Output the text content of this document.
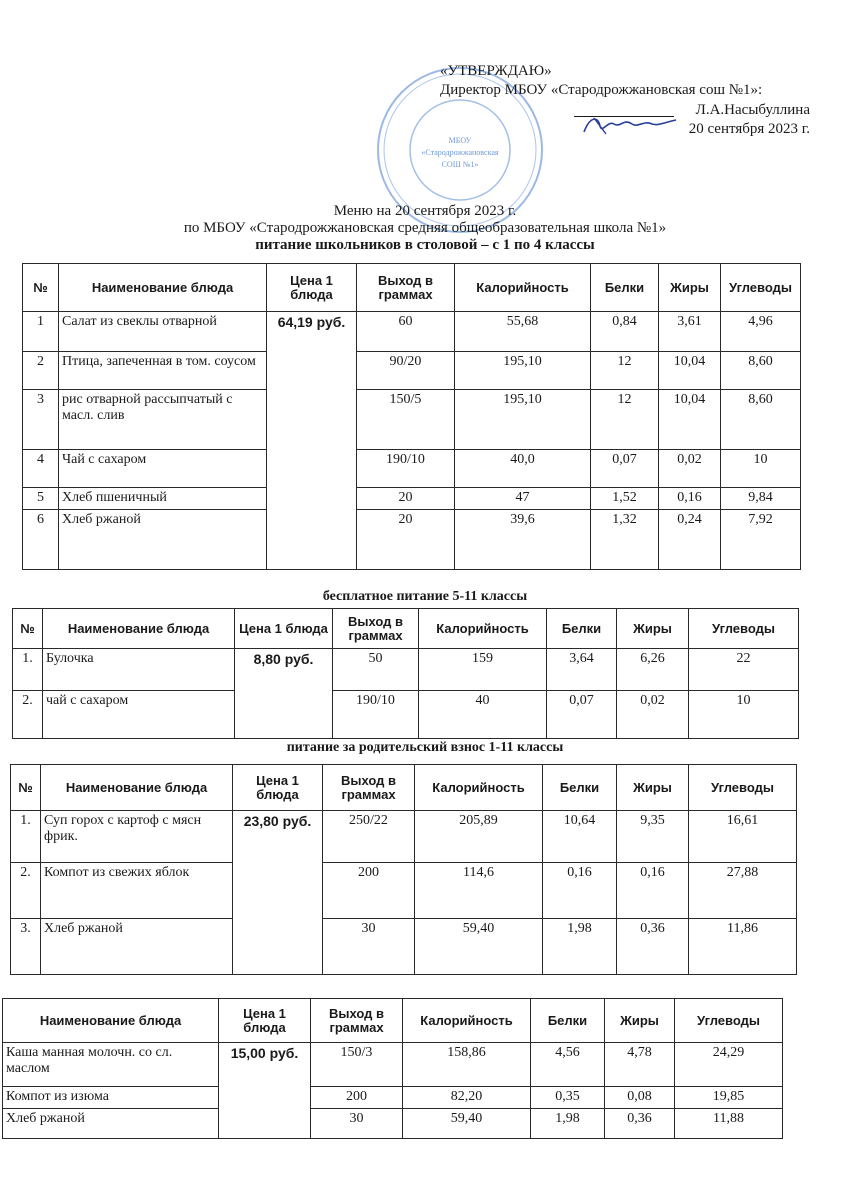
МБОУ
«Стародрожжановская
СОШ №1»
«УТВЕРЖДАЮ»
Директор МБОУ «Стародрожжановская сош №1»:
Л.А.Насыбуллина
20 сентября 2023 г.
Меню на 20 сентября 2023 г.
по МБОУ «Стародрожжановская средняя общеобразовательная школа №1»
питание школьников в столовой – с 1 по 4 классы
№	Наименование блюда	Цена 1 блюда	Выход в граммах	Калорийность	Белки	Жиры	Углеводы
1	Салат из свеклы отварной	64,19 руб.	60	55,68	0,84	3,61	4,96
2	Птица, запеченная в том. соусом		90/20	195,10	12	10,04	8,60
3	рис отварной рассыпчатый с масл. слив		150/5	195,10	12	10,04	8,60
4	Чай с сахаром		190/10	40,0	0,07	0,02	10
5	Хлеб пшеничный		20	47	1,52	0,16	9,84
6	Хлеб ржаной		20	39,6	1,32	0,24	7,92
бесплатное питание 5-11 классы
№	Наименование блюда	Цена 1 блюда	Выход в граммах	Калорийность	Белки	Жиры	Углеводы
1.	Булочка	8,80 руб.	50	159	3,64	6,26	22
2.	чай с сахаром		190/10	40	0,07	0,02	10
питание за родительский взнос 1-11 классы
№	Наименование блюда	Цена 1 блюда	Выход в граммах	Калорийность	Белки	Жиры	Углеводы
1.	Суп горох с картоф с мясн фрик.	23,80 руб.	250/22	205,89	10,64	9,35	16,61
2.	Компот из свежих яблок		200	114,6	0,16	0,16	27,88
3.	Хлеб ржаной		30	59,40	1,98	0,36	11,86
Наименование блюда	Цена 1 блюда	Выход в граммах	Калорийность	Белки	Жиры	Углеводы
Каша манная молочн. со сл. маслом	15,00 руб.	150/3	158,86	4,56	4,78	24,29
Компот из изюма		200	82,20	0,35	0,08	19,85
Хлеб ржаной		30	59,40	1,98	0,36	11,88
